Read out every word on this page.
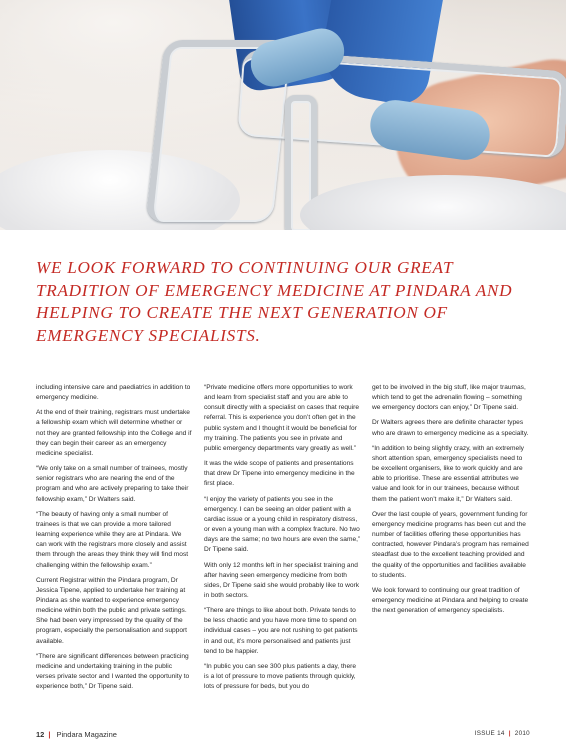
WE LOOK FORWARD TO CONTINUING OUR GREAT TRADITION OF EMERGENCY MEDICINE AT PINDARA AND HELPING TO CREATE THE NEXT GENERATION OF EMERGENCY SPECIALISTS.

including intensive care and paediatrics in addition to emergency medicine.

At the end of their training, registrars must undertake a fellowship exam which will determine whether or not they are granted fellowship into the College and if they can begin their career as an emergency medicine specialist.

“We only take on a small number of trainees, mostly senior registrars who are nearing the end of the program and who are actively preparing to take their fellowship exam,” Dr Walters said.

“The beauty of having only a small number of trainees is that we can provide a more tailored learning experience while they are at Pindara. We can work with the registrars more closely and assist them through the areas they think they will find most challenging within the fellowship exam.”

Current Registrar within the Pindara program, Dr Jessica Tipene, applied to undertake her training at Pindara as she wanted to experience emergency medicine within both the public and private settings. She had been very impressed by the quality of the program, especially the personalisation and support available.

“There are significant differences between practicing medicine and undertaking training in the public verses private sector and I wanted the opportunity to experience both,” Dr Tipene said.

“Private medicine offers more opportunities to work and learn from specialist staff and you are able to consult directly with a specialist on cases that require referral. This is experience you don’t often get in the public system and I thought it would be beneficial for my training. The patients you see in private and public emergency departments vary greatly as well.”

It was the wide scope of patients and presentations that drew Dr Tipene into emergency medicine in the first place.

“I enjoy the variety of patients you see in the emergency. I can be seeing an older patient with a cardiac issue or a young child in respiratory distress, or even a young man with a complex fracture. No two days are the same; no two hours are even the same,” Dr Tipene said.

With only 12 months left in her specialist training and after having seen emergency medicine from both sides, Dr Tipene said she would probably like to work in both sectors.

“There are things to like about both. Private tends to be less chaotic and you have more time to spend on individual cases – you are not rushing to get patients in and out, it’s more personalised and patients just tend to be happier.

“In public you can see 300 plus patients a day, there is a lot of pressure to move patients through quickly, lots of pressure for beds, but you do

get to be involved in the big stuff, like major traumas, which tend to get the adrenalin flowing – something we emergency doctors can enjoy,” Dr Tipene said.

Dr Walters agrees there are definite character types who are drawn to emergency medicine as a specialty.

“In addition to being slightly crazy, with an extremely short attention span, emergency specialists need to be excellent organisers, like to work quickly and are able to prioritise. These are essential attributes we value and look for in our trainees, because without them the patient won’t make it,” Dr Walters said.

Over the last couple of years, government funding for emergency medicine programs has been cut and the number of facilities offering these opportunities has contracted, however Pindara’s program has remained steadfast due to the excellent teaching provided and the quality of the opportunities and facilities available to students.

We look forward to continuing our great tradition of emergency medicine at Pindara and helping to create the next generation of emergency specialists.

12 | Pindara Magazine	ISSUE 14 | 2010
